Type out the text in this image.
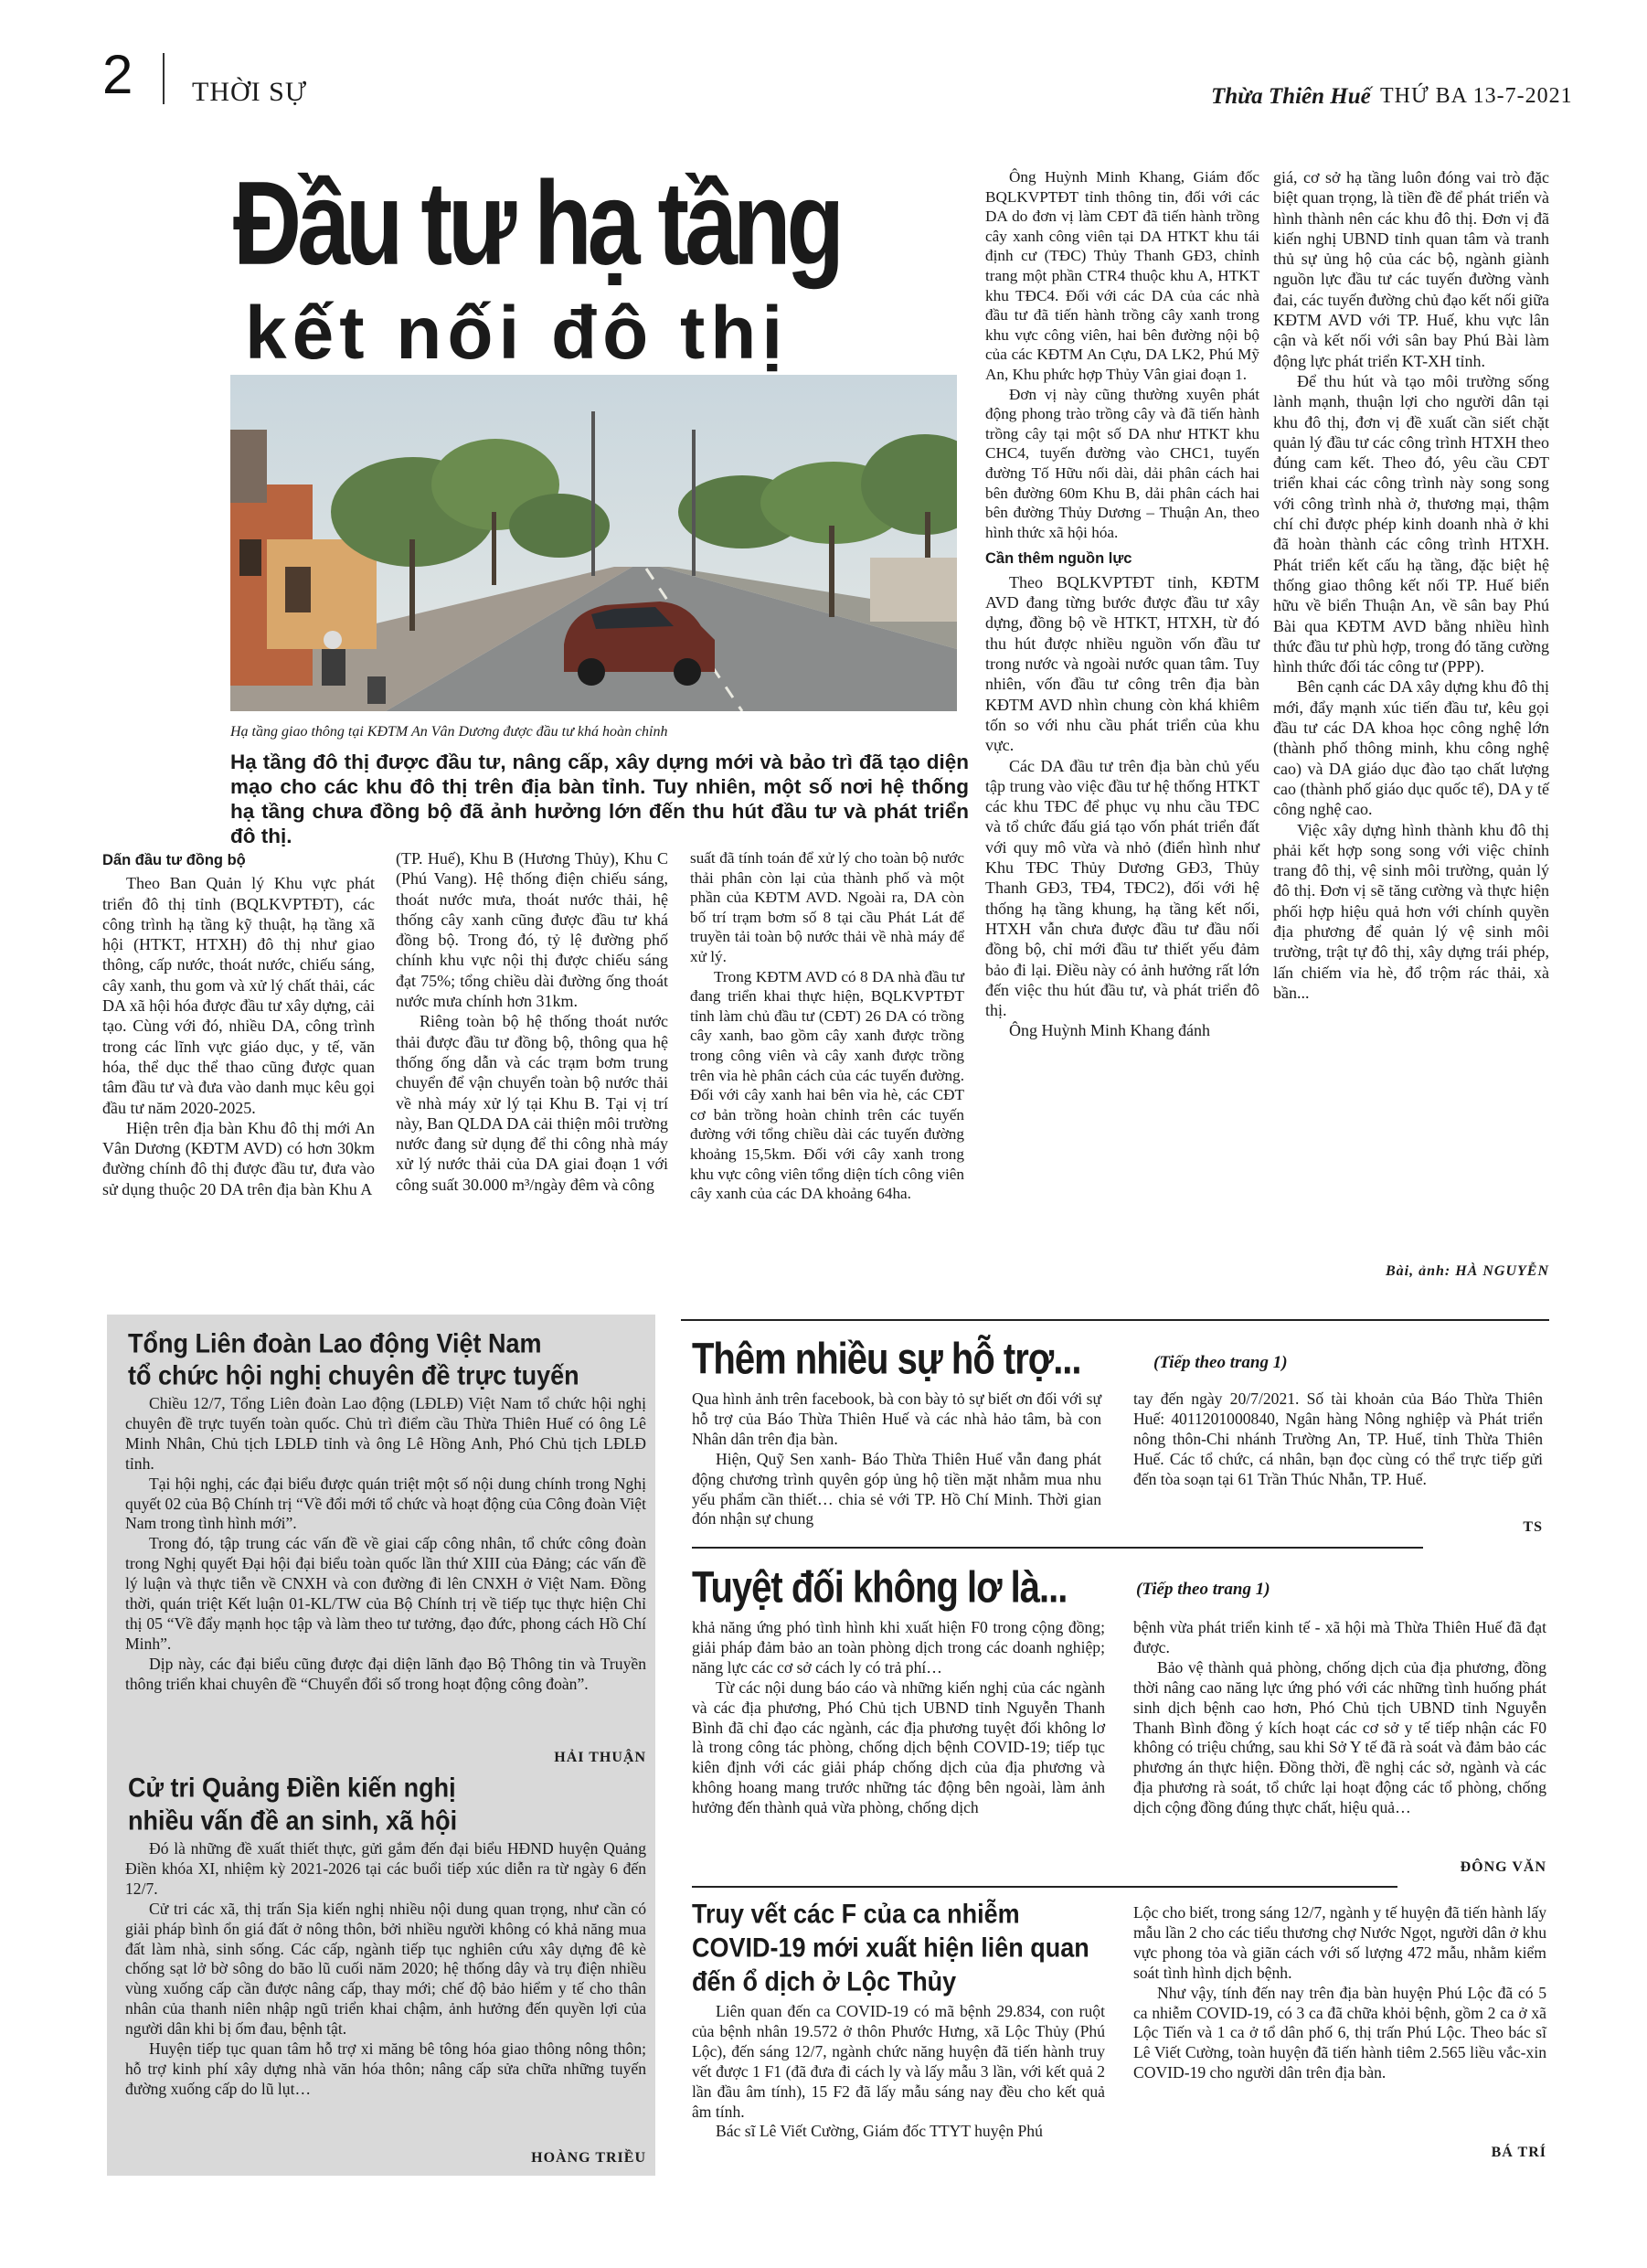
2 THỜI SỰ	Thừa Thiên Huế THỨ BA 13-7-2021
Đầu tư hạ tầng
kết nối đô thị
Hạ tầng giao thông tại KĐTM An Vân Dương được đầu tư khá hoàn chỉnh
Hạ tầng đô thị được đầu tư, nâng cấp, xây dựng mới và bảo trì đã tạo diện mạo cho các khu đô thị trên địa bàn tỉnh. Tuy nhiên, một số nơi hệ thống hạ tầng chưa đồng bộ đã ảnh hưởng lớn đến thu hút đầu tư và phát triển đô thị.
Dấn đầu tư đồng bộ

Theo Ban Quản lý Khu vực phát triển đô thị tỉnh (BQLKVPTĐT), các công trình hạ tầng kỹ thuật, hạ tầng xã hội (HTKT, HTXH) đô thị như giao thông, cấp nước, thoát nước, chiếu sáng, cây xanh, thu gom và xử lý chất thải, các DA xã hội hóa được đầu tư xây dựng, cải tạo. Cùng với đó, nhiều DA, công trình trong các lĩnh vực giáo dục, y tế, văn hóa, thể dục thể thao cũng được quan tâm đầu tư và đưa vào danh mục kêu gọi đầu tư năm 2020-2025.

Hiện trên địa bàn Khu đô thị mới An Vân Dương (KĐTM AVD) có hơn 30km đường chính đô thị được đầu tư, đưa vào sử dụng thuộc 20 DA trên địa bàn Khu A

(TP. Huế), Khu B (Hương Thủy), Khu C (Phú Vang). Hệ thống điện chiếu sáng, thoát nước mưa, thoát nước thải, hệ thống cây xanh cũng được đầu tư khá đồng bộ. Trong đó, tỷ lệ đường phố chính khu vực nội thị được chiếu sáng đạt 75%; tổng chiều dài đường ống thoát nước mưa chính hơn 31km.

Riêng toàn bộ hệ thống thoát nước thải được đầu tư đồng bộ, thông qua hệ thống ống dẫn và các trạm bơm trung chuyển để vận chuyển toàn bộ nước thải về nhà máy xử lý tại Khu B. Tại vị trí này, Ban QLDA DA cải thiện môi trường nước đang sử dụng để thi công nhà máy xử lý nước thải của DA giai đoạn 1 với công suất 30.000 m³/ngày đêm và công

suất đã tính toán để xử lý cho toàn bộ nước thải phân còn lại của thành phố và một phần của KĐTM AVD. Ngoài ra, DA còn bố trí trạm bơm số 8 tại cầu Phát Lát để truyền tải toàn bộ nước thải về nhà máy để xử lý.

Trong KĐTM AVD có 8 DA nhà đầu tư đang triển khai thực hiện, BQLKVPTĐT tỉnh làm chủ đầu tư (CĐT) 26 DA có trồng cây xanh, bao gồm cây xanh được trồng trong công viên và cây xanh được trồng trên vỉa hè phân cách của các tuyến đường. Đối với cây xanh hai bên vỉa hè, các CĐT cơ bản trồng hoàn chỉnh trên các tuyến đường với tổng chiều dài các tuyến đường khoảng 15,5km. Đối với cây xanh trong khu vực công viên tổng diện tích công viên cây xanh của các DA khoảng 64ha.

Ông Huỳnh Minh Khang, Giám đốc BQLKVPTĐT tỉnh thông tin, đối với các DA do đơn vị làm CĐT đã tiến hành trồng cây xanh công viên tại DA HTKT khu tái định cư (TĐC) Thủy Thanh GĐ3, chỉnh trang một phần CTR4 thuộc khu A, HTKT khu TĐC4. Đối với các DA của các nhà đầu tư đã tiến hành trồng cây xanh trong khu vực công viên, hai bên đường nội bộ của các KĐTM An Cựu, DA LK2, Phú Mỹ An, Khu phức hợp Thủy Vân giai đoạn 1.

Đơn vị này cũng thường xuyên phát động phong trào trồng cây và đã tiến hành trồng cây tại một số DA như HTKT khu CHC4, tuyến đường vào CHC1, tuyến đường Tố Hữu nối dài, dải phân cách hai bên đường 60m Khu B, dải phân cách hai bên đường Thủy Dương – Thuận An, theo hình thức xã hội hóa.

Cần thêm nguồn lực

Theo BQLKVPTĐT tỉnh, KĐTM AVD đang từng bước được đầu tư xây dựng, đồng bộ về HTKT, HTXH, từ đó thu hút được nhiều nguồn vốn đầu tư trong nước và ngoài nước quan tâm. Tuy nhiên, vốn đầu tư công trên địa bàn KĐTM AVD nhìn chung còn khá khiêm tốn so với nhu cầu phát triển của khu vực.

Các DA đầu tư trên địa bàn chủ yếu tập trung vào việc đầu tư hệ thống HTKT các khu TĐC để phục vụ nhu cầu TĐC và tổ chức đấu giá tạo vốn phát triển đất với quy mô vừa và nhỏ (điển hình như Khu TĐC Thủy Dương GĐ3, Thủy Thanh GĐ3, TĐ4, TĐC2), đối với hệ thống hạ tầng khung, hạ tầng kết nối, HTXH vẫn chưa được đầu tư đầu nối đồng bộ, chỉ mới đầu tư thiết yếu đảm bảo đi lại. Điều này có ảnh hưởng rất lớn đến việc thu hút đầu tư, và phát triển đô thị.

Ông Huỳnh Minh Khang đánh

giá, cơ sở hạ tầng luôn đóng vai trò đặc biệt quan trọng, là tiền đề để phát triển và hình thành nên các khu đô thị. Đơn vị đã kiến nghị UBND tỉnh quan tâm và tranh thủ sự ủng hộ của các bộ, ngành giành nguồn lực đầu tư các tuyến đường vành đai, các tuyến đường chủ đạo kết nối giữa KĐTM AVD với TP. Huế, khu vực lân cận và kết nối với sân bay Phú Bài làm động lực phát triển KT-XH tỉnh.

Để thu hút và tạo môi trường sống lành mạnh, thuận lợi cho người dân tại khu đô thị, đơn vị đề xuất cần siết chặt quản lý đầu tư các công trình HTXH theo đúng cam kết. Theo đó, yêu cầu CĐT triển khai các công trình này song song với công trình nhà ở, thương mại, thậm chí chỉ được phép kinh doanh nhà ở khi đã hoàn thành các công trình HTXH. Phát triển kết cấu hạ tầng, đặc biệt hệ thống giao thông kết nối TP. Huế biển hữu về biển Thuận An, về sân bay Phú Bài qua KĐTM AVD bằng nhiều hình thức đầu tư phù hợp, trong đó tăng cường hình thức đối tác công tư (PPP).

Bên cạnh các DA xây dựng khu đô thị mới, đẩy mạnh xúc tiến đầu tư, kêu gọi đầu tư các DA khoa học công nghệ lớn (thành phố thông minh, khu công nghệ cao) và DA giáo dục đào tạo chất lượng cao (thành phố giáo dục quốc tế), DA y tế công nghệ cao.

Việc xây dựng hình thành khu đô thị phải kết hợp song song với việc chỉnh trang đô thị, vệ sinh môi trường, quản lý đô thị. Đơn vị sẽ tăng cường và thực hiện phối hợp hiệu quả hơn với chính quyền địa phương để quản lý vệ sinh môi trường, trật tự đô thị, xây dựng trái phép, lấn chiếm vỉa hè, đổ trộm rác thải, xà bần...

Bài, ảnh: HÀ NGUYỄN
Tổng Liên đoàn Lao động Việt Nam
tổ chức hội nghị chuyên đề trực tuyến

Chiều 12/7, Tổng Liên đoàn Lao động (LĐLĐ) Việt Nam tổ chức hội nghị chuyên đề trực tuyến toàn quốc. Chủ trì điểm cầu Thừa Thiên Huế có ông Lê Minh Nhân, Chủ tịch LĐLĐ tỉnh và ông Lê Hồng Anh, Phó Chủ tịch LĐLĐ tỉnh.

Tại hội nghị, các đại biểu được quán triệt một số nội dung chính trong Nghị quyết 02 của Bộ Chính trị “Về đổi mới tổ chức và hoạt động của Công đoàn Việt Nam trong tình hình mới”.

Trong đó, tập trung các vấn đề về giai cấp công nhân, tổ chức công đoàn trong Nghị quyết Đại hội đại biểu toàn quốc lần thứ XIII của Đảng; các vấn đề lý luận và thực tiễn về CNXH và con đường đi lên CNXH ở Việt Nam. Đồng thời, quán triệt Kết luận 01-KL/TW của Bộ Chính trị về tiếp tục thực hiện Chỉ thị 05 “Về đẩy mạnh học tập và làm theo tư tưởng, đạo đức, phong cách Hồ Chí Minh”.

Dịp này, các đại biểu cũng được đại diện lãnh đạo Bộ Thông tin và Truyền thông triển khai chuyên đề “Chuyển đổi số trong hoạt động công đoàn”.

HẢI THUẬN
Cử tri Quảng Điền kiến nghị
nhiều vấn đề an sinh, xã hội

Đó là những đề xuất thiết thực, gửi gắm đến đại biểu HĐND huyện Quảng Điền khóa XI, nhiệm kỳ 2021-2026 tại các buổi tiếp xúc diễn ra từ ngày 6 đến 12/7.

Cử tri các xã, thị trấn Sịa kiến nghị nhiều nội dung quan trọng, như cần có giải pháp bình ổn giá đất ở nông thôn, bởi nhiều người không có khả năng mua đất làm nhà, sinh sống. Các cấp, ngành tiếp tục nghiên cứu xây dựng đê kè chống sạt lở bờ sông do bão lũ cuối năm 2020; hệ thống dây và trụ điện nhiều vùng xuống cấp cần được nâng cấp, thay mới; chế độ bảo hiểm y tế cho thân nhân của thanh niên nhập ngũ triển khai chậm, ảnh hưởng đến quyền lợi của người dân khi bị ốm đau, bệnh tật.

Huyện tiếp tục quan tâm hỗ trợ xi măng bê tông hóa giao thông nông thôn; hỗ trợ kinh phí xây dựng nhà văn hóa thôn; nâng cấp sửa chữa những tuyến đường xuống cấp do lũ lụt…

HOÀNG TRIỀU
Thêm nhiều sự hỗ trợ...	(Tiếp theo trang 1)

Qua hình ảnh trên facebook, bà con bày tỏ sự biết ơn đối với sự hỗ trợ của Báo Thừa Thiên Huế và các nhà hảo tâm, bà con Nhân dân trên địa bàn.

Hiện, Quỹ Sen xanh- Báo Thừa Thiên Huế vẫn đang phát động chương trình quyên góp ủng hộ tiền mặt nhằm mua nhu yếu phẩm cần thiết… chia sẻ với TP. Hồ Chí Minh. Thời gian đón nhận sự chung

tay đến ngày 20/7/2021. Số tài khoản của Báo Thừa Thiên Huế: 4011201000840, Ngân hàng Nông nghiệp và Phát triển nông thôn-Chi nhánh Trường An, TP. Huế, tỉnh Thừa Thiên Huế. Các tổ chức, cá nhân, bạn đọc cùng có thể trực tiếp gửi đến tòa soạn tại 61 Trần Thúc Nhẫn, TP. Huế.

TS
Tuyệt đối không lơ là...	(Tiếp theo trang 1)

khả năng ứng phó tình hình khi xuất hiện F0 trong cộng đồng; giải pháp đảm bảo an toàn phòng dịch trong các doanh nghiệp; năng lực các cơ sở cách ly có trả phí…

Từ các nội dung báo cáo và những kiến nghị của các ngành và các địa phương, Phó Chủ tịch UBND tỉnh Nguyễn Thanh Bình đã chỉ đạo các ngành, các địa phương tuyệt đối không lơ là trong công tác phòng, chống dịch bệnh COVID-19; tiếp tục kiên định với các giải pháp chống dịch của địa phương và không hoang mang trước những tác động bên ngoài, làm ảnh hưởng đến thành quả vừa phòng, chống dịch

bệnh vừa phát triển kinh tế - xã hội mà Thừa Thiên Huế đã đạt được.

Bảo vệ thành quả phòng, chống dịch của địa phương, đồng thời nâng cao năng lực ứng phó với các những tình huống phát sinh dịch bệnh cao hơn, Phó Chủ tịch UBND tỉnh Nguyễn Thanh Bình đồng ý kích hoạt các cơ sở y tế tiếp nhận các F0 không có triệu chứng, sau khi Sở Y tế đã rà soát và đảm bảo các phương án thực hiện. Đồng thời, đề nghị các sở, ngành và các địa phương rà soát, tổ chức lại hoạt động các tổ phòng, chống dịch cộng đồng đúng thực chất, hiệu quả…

ĐÔNG VĂN
Truy vết các F của ca nhiễm
COVID-19 mới xuất hiện liên quan
đến ổ dịch ở Lộc Thủy

Liên quan đến ca COVID-19 có mã bệnh 29.834, con ruột của bệnh nhân 19.572 ở thôn Phước Hưng, xã Lộc Thủy (Phú Lộc), đến sáng 12/7, ngành chức năng huyện đã tiến hành truy vết được 1 F1 (đã đưa đi cách ly và lấy mẫu 3 lần, với kết quả 2 lần đầu âm tính), 15 F2 đã lấy mẫu sáng nay đều cho kết quả âm tính.

Bác sĩ Lê Viết Cường, Giám đốc TTYT huyện Phú

Lộc cho biết, trong sáng 12/7, ngành y tế huyện đã tiến hành lấy mẫu lần 2 cho các tiểu thương chợ Nước Ngọt, người dân ở khu vực phong tỏa và giãn cách với số lượng 472 mẫu, nhằm kiểm soát tình hình dịch bệnh.

Như vậy, tính đến nay trên địa bàn huyện Phú Lộc đã có 5 ca nhiễm COVID-19, có 3 ca đã chữa khỏi bệnh, gồm 2 ca ở xã Lộc Tiến và 1 ca ở tổ dân phố 6, thị trấn Phú Lộc. Theo bác sĩ Lê Viết Cường, toàn huyện đã tiến hành tiêm 2.565 liều vắc-xin COVID-19 cho người dân trên địa bàn.

BÁ TRÍ
